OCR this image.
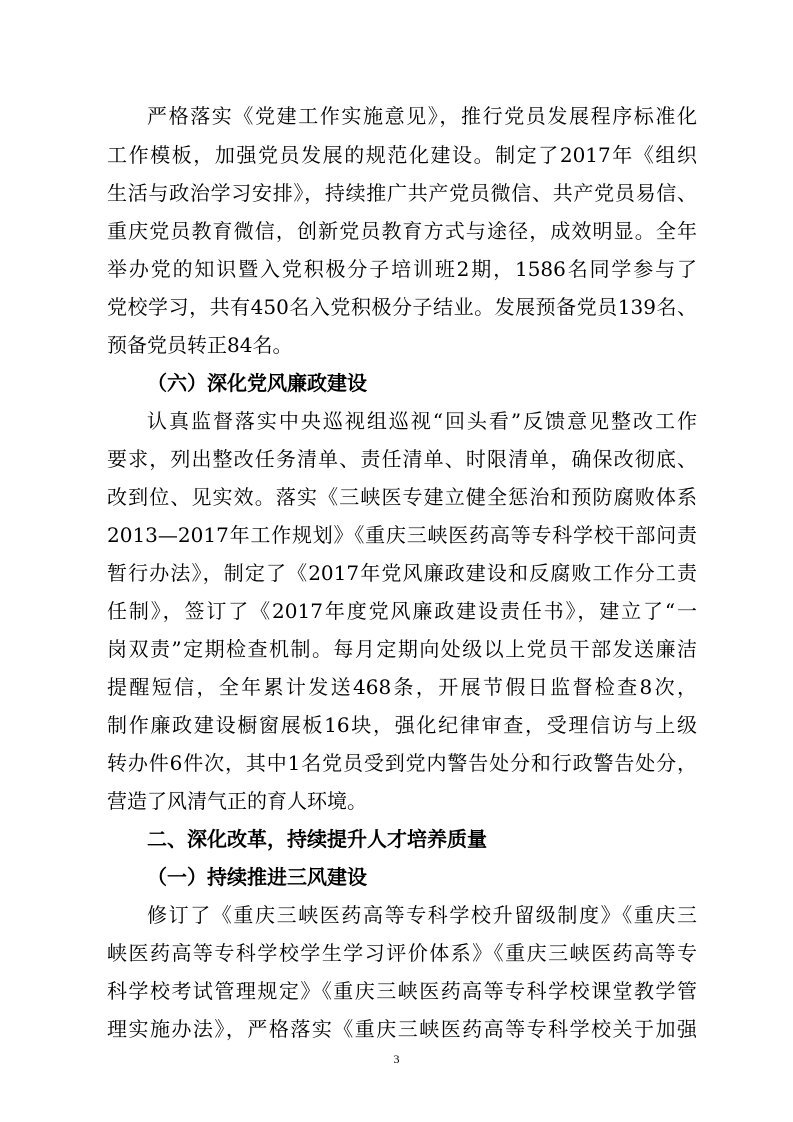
严格落实《党建工作实施意见》，推行党员发展程序标准化
工作模板，加强党员发展的规范化建设。制定了2017年《组织
生活与政治学习安排》，持续推广共产党员微信、共产党员易信、
重庆党员教育微信，创新党员教育方式与途径，成效明显。全年
举办党的知识暨入党积极分子培训班2期，1586名同学参与了
党校学习，共有450名入党积极分子结业。发展预备党员139名、
预备党员转正84名。
（六）深化党风廉政建设
认真监督落实中央巡视组巡视“回头看”反馈意见整改工作
要求，列出整改任务清单、责任清单、时限清单，确保改彻底、
改到位、见实效。落实《三峡医专建立健全惩治和预防腐败体系
2013—2017年工作规划》《重庆三峡医药高等专科学校干部问责
暂行办法》，制定了《2017年党风廉政建设和反腐败工作分工责
任制》，签订了《2017年度党风廉政建设责任书》，建立了“一
岗双责”定期检查机制。每月定期向处级以上党员干部发送廉洁
提醒短信，全年累计发送468条，开展节假日监督检查8次，
制作廉政建设橱窗展板16块，强化纪律审查，受理信访与上级
转办件6件次，其中1名党员受到党内警告处分和行政警告处分，
营造了风清气正的育人环境。
二、深化改革，持续提升人才培养质量
（一）持续推进三风建设
修订了《重庆三峡医药高等专科学校升留级制度》《重庆三
峡医药高等专科学校学生学习评价体系》《重庆三峡医药高等专
科学校考试管理规定》《重庆三峡医药高等专科学校课堂教学管
理实施办法》，严格落实《重庆三峡医药高等专科学校关于加强
3
